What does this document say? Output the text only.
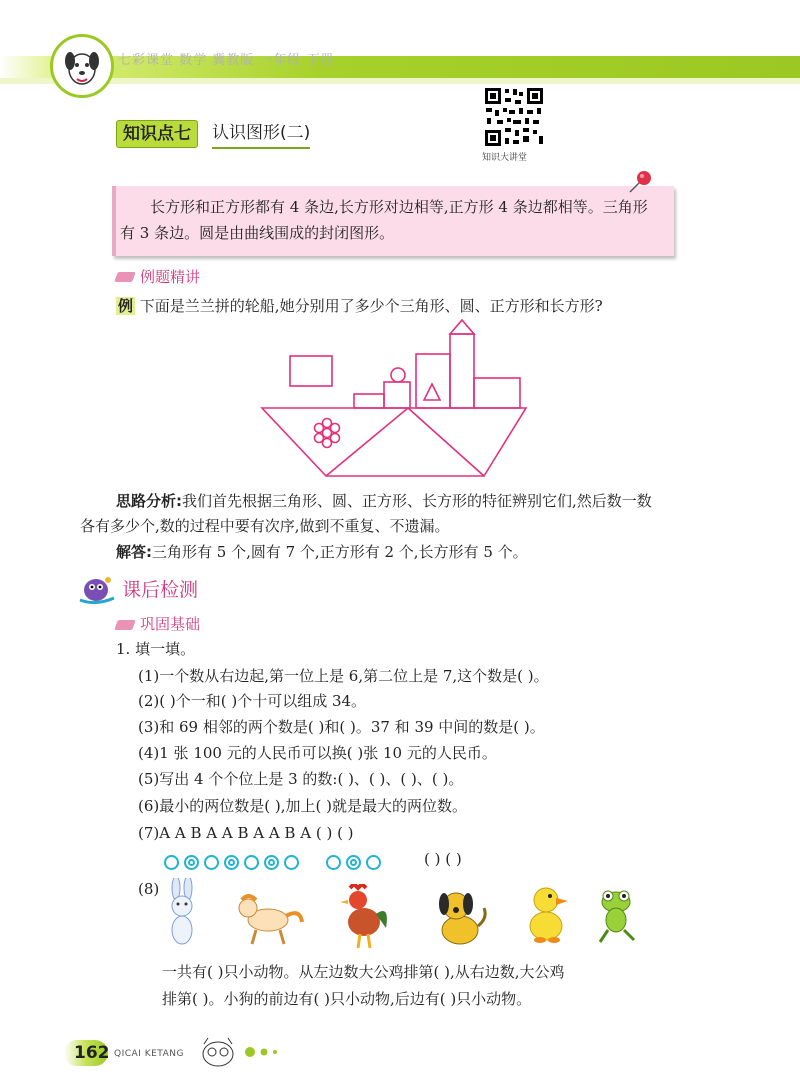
七彩课堂 数学 冀教版 一年级 下册
知识点七	认识图形(二)
知识大讲堂
长方形和正方形都有 4 条边,长方形对边相等,正方形 4 条边都相等。三角形有 3 条边。圆是由曲线围成的封闭图形。
例题精讲
例 下面是兰兰拼的轮船,她分别用了多少个三角形、圆、正方形和长方形?
思路分析:我们首先根据三角形、圆、正方形、长方形的特征辨别它们,然后数一数
各有多少个,数的过程中要有次序,做到不重复、不遗漏。
解答:三角形有 5 个,圆有 7 个,正方形有 2 个,长方形有 5 个。
课后检测
巩固基础
1. 填一填。
(1)一个数从右边起,第一位上是 6,第二位上是 7,这个数是( )。
(2)( )个一和( )个十可以组成 34。
(3)和 69 相邻的两个数是( )和( )。37 和 39 中间的数是( )。
(4)1 张 100 元的人民币可以换( )张 10 元的人民币。
(5)写出 4 个个位上是 3 的数:( )、( )、( )、( )。
(6)最小的两位数是( ),加上( )就是最大的两位数。
(7)A A B A A B A A B A ( ) ( )

( ) ( )
(8)
一共有( )只小动物。从左边数大公鸡排第( ),从右边数,大公鸡
排第( )。小狗的前边有( )只小动物,后边有( )只小动物。
162 QICAI KETANG
